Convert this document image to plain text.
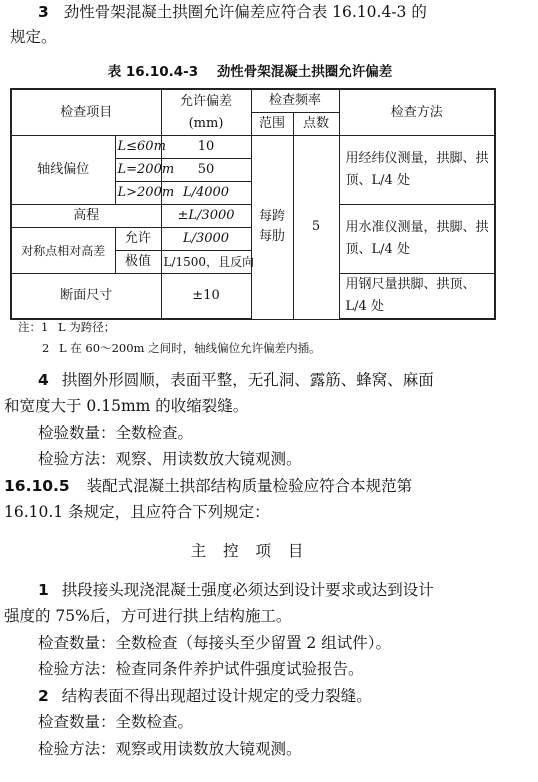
3 劲性骨架混凝土拱圈允许偏差应符合表 16.10.4-3 的
规定。
表 16.10.4-3 劲性骨架混凝土拱圈允许偏差
检查项目		允许偏差
(mm)	检查频率		检查方法
			范围	点数	
轴线偏位	L≤60m	10	每跨每肋	5	用经纬仪测量，拱脚、拱顶、L/4 处
	L=200m	50			
	L>200m	L/4000			
高程		±L/3000			用水准仪测量，拱脚、拱顶、L/4 处
对称点相对高差	允许	L/3000			
	极值	L/1500，且反向			
断面尺寸		±10			用钢尺量拱脚、拱顶、L/4 处
注：1 L 为跨径；
2 L 在 60～200m 之间时，轴线偏位允许偏差内插。
4 拱圈外形圆顺，表面平整，无孔洞、露筋、蜂窝、麻面
和宽度大于 0.15mm 的收缩裂缝。
检验数量：全数检查。
检验方法：观察、用读数放大镜观测。
16.10.5 装配式混凝土拱部结构质量检验应符合本规范第
16.10.1 条规定，且应符合下列规定：
主 控 项 目
1 拱段接头现浇混凝土强度必须达到设计要求或达到设计
强度的 75%后，方可进行拱上结构施工。
检查数量：全数检查（每接头至少留置 2 组试件）。
检验方法：检查同条件养护试件强度试验报告。
2 结构表面不得出现超过设计规定的受力裂缝。
检查数量：全数检查。
检验方法：观察或用读数放大镜观测。
